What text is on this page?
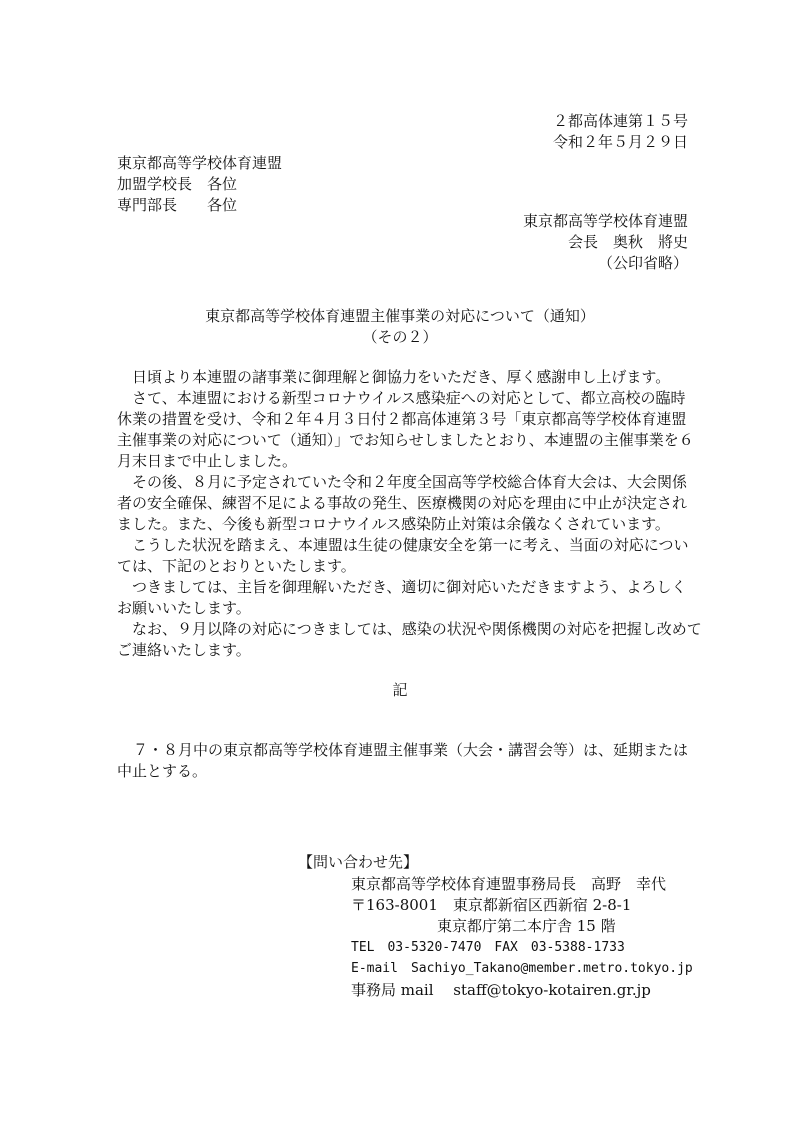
２都高体連第１５号
令和２年５月２９日
東京都高等学校体育連盟
加盟学校長　各位
専門部長　　各位
東京都高等学校体育連盟
会長　奥秋　將史
（公印省略）
東京都高等学校体育連盟主催事業の対応について（通知）
（その２）
　日頃より本連盟の諸事業に御理解と御協力をいただき、厚く感謝申し上げます。
　さて、本連盟における新型コロナウイルス感染症への対応として、都立高校の臨時
休業の措置を受け、令和２年４月３日付２都高体連第３号「東京都高等学校体育連盟
主催事業の対応について（通知）」でお知らせしましたとおり、本連盟の主催事業を６
月末日まで中止しました。
　その後、８月に予定されていた令和２年度全国高等学校総合体育大会は、大会関係
者の安全確保、練習不足による事故の発生、医療機関の対応を理由に中止が決定され
ました。また、今後も新型コロナウイルス感染防止対策は余儀なくされています。
　こうした状況を踏まえ、本連盟は生徒の健康安全を第一に考え、当面の対応につい
ては、下記のとおりといたします。
　つきましては、主旨を御理解いただき、適切に御対応いただきますよう、よろしく
お願いいたします。
　なお、９月以降の対応につきましては、感染の状況や関係機関の対応を把握し改めて
ご連絡いたします。
記
７・８月中の東京都高等学校体育連盟主催事業（大会・講習会等）は、延期または
中止とする。
【問い合わせ先】
東京都高等学校体育連盟事務局長　高野　幸代
〒163-8001　東京都新宿区西新宿 2-8-1
東京都庁第二本庁舎 15 階
TEL　03-5320-7470　FAX　03-5388-1733
E-mail　Sachiyo_Takano@member.metro.tokyo.jp
事務局 mail　 staff@tokyo-kotairen.gr.jp
